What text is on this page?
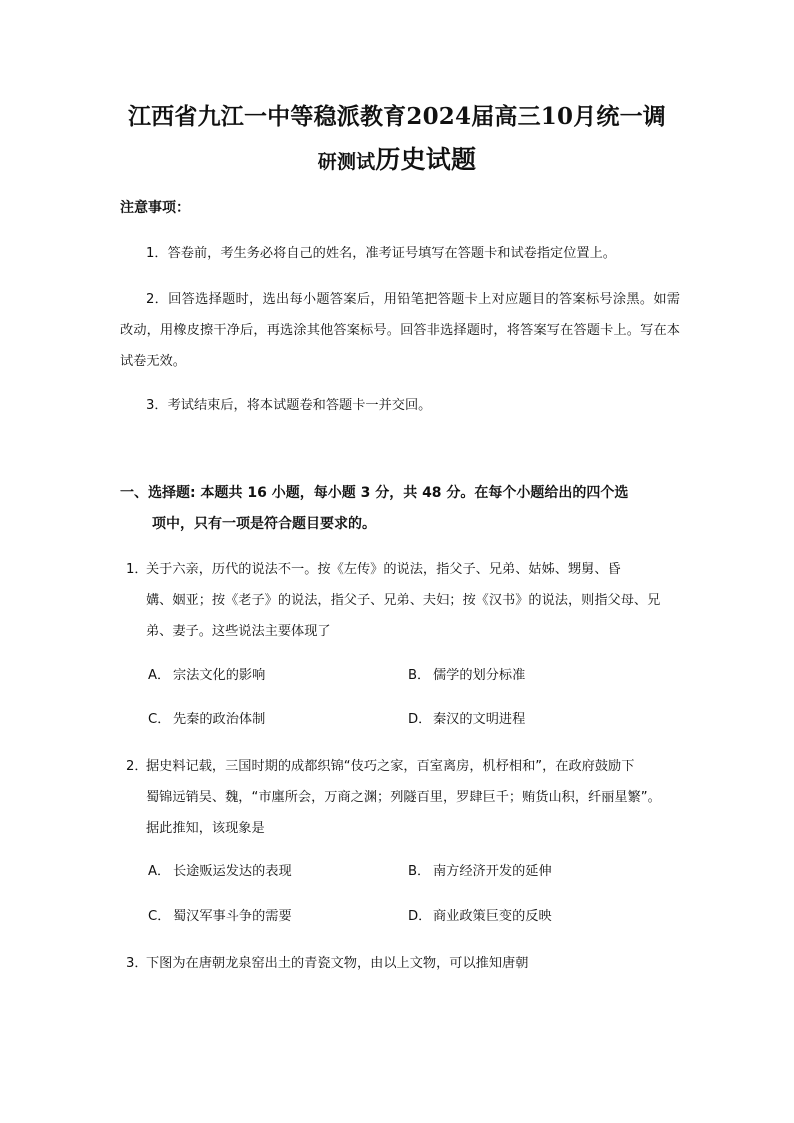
江西省九江一中等稳派教育2024届高三10月统一调
研测试历史试题
注意事项：
1．答卷前，考生务必将自己的姓名，准考证号填写在答题卡和试卷指定位置上。
2．回答选择题时，选出每小题答案后，用铅笔把答题卡上对应题目的答案标号涂黑。如需改动，用橡皮擦干净后，再选涂其他答案标号。回答非选择题时，将答案写在答题卡上。写在本试卷无效。
3．考试结束后，将本试题卷和答题卡一并交回。
一、选择题: 本题共 16 小题，每小题 3 分，共 48 分。在每个小题给出的四个选
项中，只有一项是符合题目要求的。
1．关于六亲，历代的说法不一。按《左传》的说法，指父子、兄弟、姑姊、甥舅、昏
媾、姻亚；按《老子》的说法，指父子、兄弟、夫妇；按《汉书》的说法，则指父母、兄弟、妻子。这些说法主要体现了
A． 宗法文化的影响	B． 儒学的划分标准
C． 先秦的政治体制	D． 秦汉的文明进程
2．据史料记载，三国时期的成都织锦“伎巧之家，百室离房，机杼相和”，在政府鼓励下
蜀锦远销吴、魏，“市廛所会，万商之渊；列隧百里，罗肆巨千；贿货山积，纤丽星繁”。据此推知，该现象是
A． 长途贩运发达的表现	B． 南方经济开发的延伸
C． 蜀汉军事斗争的需要	D． 商业政策巨变的反映
3．下图为在唐朝龙泉窑出土的青瓷文物，由以上文物，可以推知唐朝
